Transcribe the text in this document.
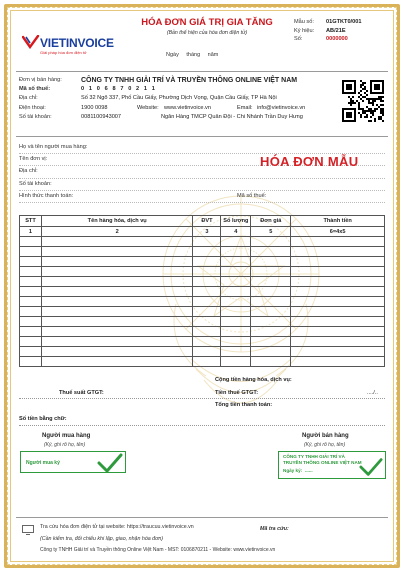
VIETINVOICE
Giải pháp hóa đơn điện tử
HÓA ĐƠN GIÁ TRỊ GIA TĂNG
(Bản thể hiện của hóa đơn điện tử)
Ngày tháng năm
Mẫu số: 01GTKT0/001
Ký hiệu: AB/21E
Số:	0000000
Đơn vị bán hàng:	CÔNG TY TNHH GIẢI TRÍ VÀ TRUYỀN THÔNG ONLINE VIỆT NAM
Mã số thuế:	0 1 0 6 8 7 0 2 1 1
Địa chỉ:	Số 32 Ngõ 337, Phố Cầu Giấy, Phường Dịch Vọng, Quận Cầu Giấy, TP Hà Nội
Điện thoại:	1900 0098	Website: www.vietinvoice.vn	Email: info@vietinvoice.vn
Số tài khoản:	0081100943007	Ngân Hàng TMCP Quân Đội - Chi Nhánh Trần Duy Hưng
Họ và tên người mua hàng:
Tên đơn vị:
Địa chỉ:
Số tài khoản:
Hình thức thanh toán:	Mã số thuế:
HÓA ĐƠN MẪU
STT	Tên hàng hóa, dịch vụ	ĐVT	Số lượng	Đơn giá	Thành tiền
1	2	3	4	5	6=4x5

Cộng tiền hàng hóa, dịch vụ:
Thuế suất GTGT:	Tiền thuế GTGT:	..../..
Tổng tiền thanh toán:
Số tiền bằng chữ:
Người mua hàng
(Ký, ghi rõ họ, tên)
Người mua ký
Người bán hàng
(Ký, ghi rõ họ, tên)
CÔNG TY TNHH GIẢI TRÍ VÀ
TRUYỀN THÔNG ONLINE VIỆT NAM
Ngày ký: ......
Tra cứu hóa đơn điện tử tại website: https://traucuu.vietinvoice.vn	Mã tra cứu:
(Cần kiểm tra, đối chiếu khi lập, giao, nhận hóa đơn)
Công ty TNHH Giải trí và Truyền thông Online Việt Nam - MST: 0106870211 - Website: www.vietinvoice.vn
